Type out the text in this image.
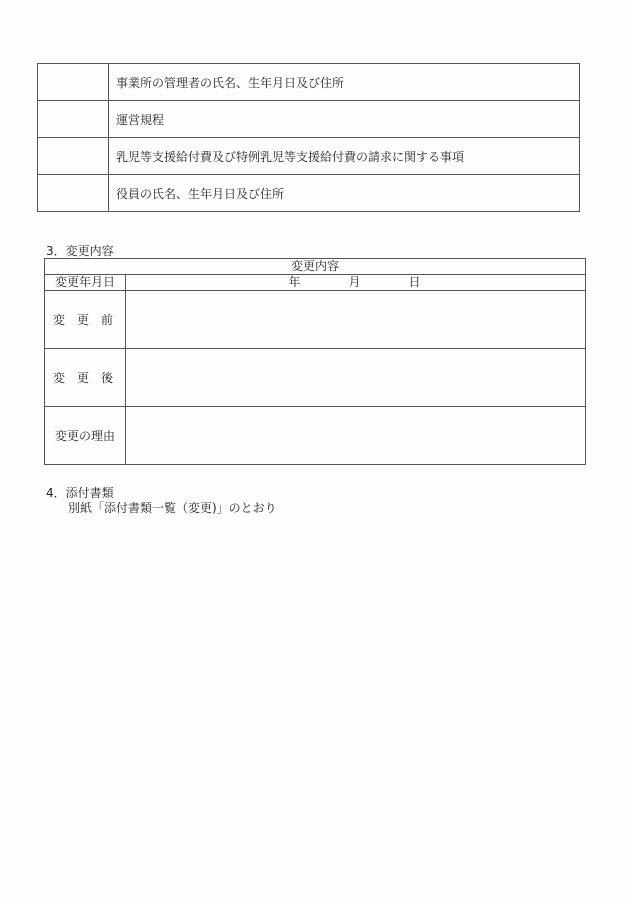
	事業所の管理者の氏名、生年月日及び住所
	運営規程
	乳児等支援給付費及び特例乳児等支援給付費の請求に関する事項
	役員の氏名、生年月日及び住所
3．変更内容
変更内容	
変更年月日	年 月 日
変更前	
変更後	
変更の理由	
4．添付書類
別紙「添付書類一覧（変更)」のとおり
